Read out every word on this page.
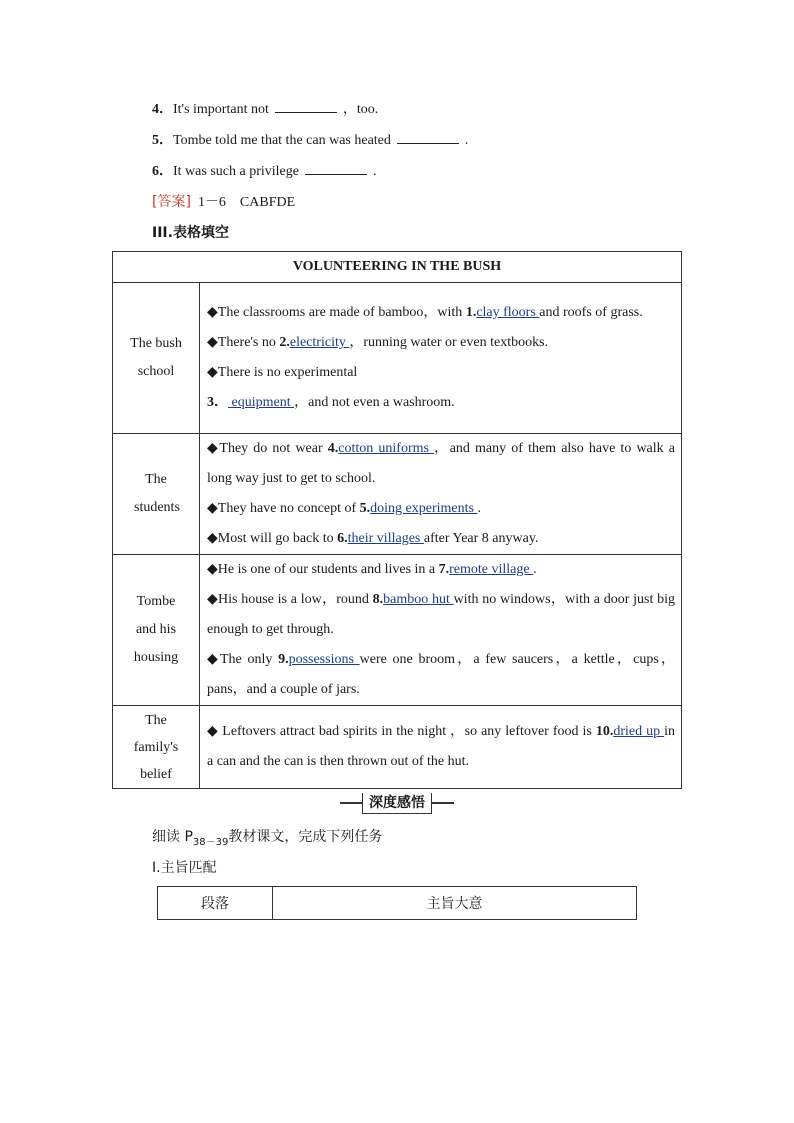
4．It's important not	，too.
5．Tombe told me that the can was heated	.
6．It was such a privilege	.
[答案] 1－6    CABFDE
III.表格填空
VOLUNTEERING IN THE BUSH	
The bush school	◆The classrooms are made of bamboo，with 1.clay floors and roofs of grass.
◆There's no 2.electricity ，running water or even textbooks.
◆There is no experimental
3． equipment ，and not even a washroom.

The students	◆They do not wear 4.cotton uniforms ，and many of them also have to walk a long way just to get to school.
◆They have no concept of 5.doing experiments .
◆Most will go back to 6.their villages after Year 8 anyway.

Tombe and his housing	◆He is one of our students and lives in a 7.remote village .
◆His house is a low，round 8.bamboo hut with no windows，with a door just big enough to get through.
◆The only 9.possessions were one broom，a few saucers，a kettle，cups，pans，and a couple of jars.

The family's belief	◆ Leftovers attract bad spirits in the night ，so any leftover food is 10.dried up in a can and the can is then thrown out of the hut.
深度感悟
细读 $P_{38-39}$教材课文，完成下列任务
Ⅰ.主旨匹配
段落	主旨大意
